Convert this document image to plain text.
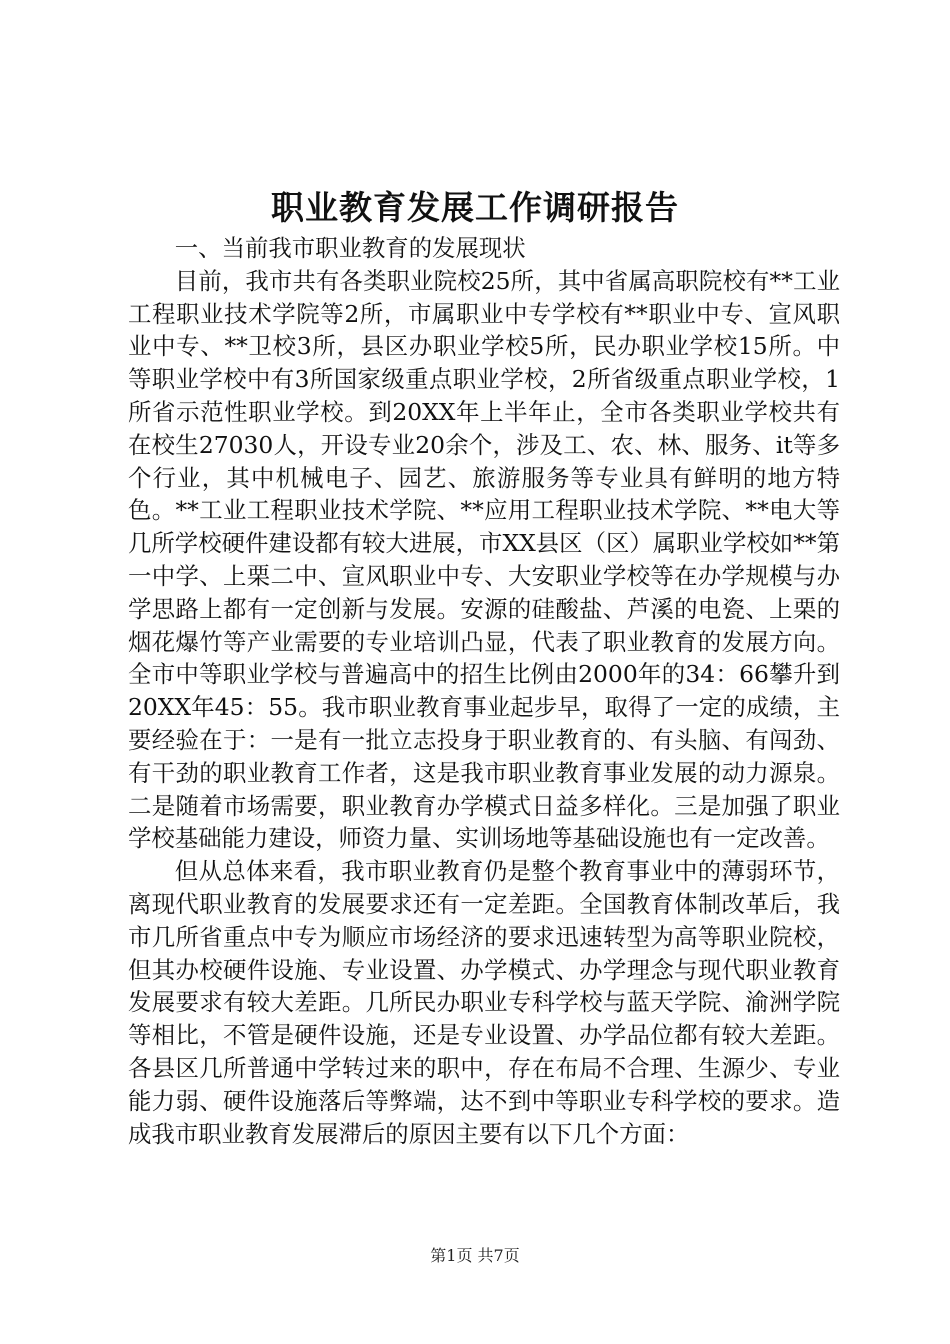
职业教育发展工作调研报告

一、当前我市职业教育的发展现状

目前，我市共有各类职业院校25所，其中省属高职院校有**工业工程职业技术学院等2所，市属职业中专学校有**职业中专、宣风职业中专、**卫校3所，县区办职业学校5所，民办职业学校15所。中等职业学校中有3所国家级重点职业学校，2所省级重点职业学校，1所省示范性职业学校。到20XX年上半年止，全市各类职业学校共有在校生27030人，开设专业20余个，涉及工、农、林、服务、it等多个行业，其中机械电子、园艺、旅游服务等专业具有鲜明的地方特色。**工业工程职业技术学院、**应用工程职业技术学院、**电大等几所学校硬件建设都有较大进展，市XX县区（区）属职业学校如**第一中学、上栗二中、宣风职业中专、大安职业学校等在办学规模与办学思路上都有一定创新与发展。安源的硅酸盐、芦溪的电瓷、上栗的烟花爆竹等产业需要的专业培训凸显，代表了职业教育的发展方向。全市中等职业学校与普遍高中的招生比例由2000年的34：66攀升到20XX年45：55。我市职业教育事业起步早，取得了一定的成绩，主要经验在于：一是有一批立志投身于职业教育的、有头脑、有闯劲、有干劲的职业教育工作者，这是我市职业教育事业发展的动力源泉。二是随着市场需要，职业教育办学模式日益多样化。三是加强了职业学校基础能力建设，师资力量、实训场地等基础设施也有一定改善。

但从总体来看，我市职业教育仍是整个教育事业中的薄弱环节，离现代职业教育的发展要求还有一定差距。全国教育体制改革后，我市几所省重点中专为顺应市场经济的要求迅速转型为高等职业院校，但其办校硬件设施、专业设置、办学模式、办学理念与现代职业教育发展要求有较大差距。几所民办职业专科学校与蓝天学院、渝洲学院等相比，不管是硬件设施，还是专业设置、办学品位都有较大差距。各县区几所普通中学转过来的职中，存在布局不合理、生源少、专业能力弱、硬件设施落后等弊端，达不到中等职业专科学校的要求。造成我市职业教育发展滞后的原因主要有以下几个方面：

第1页 共7页
